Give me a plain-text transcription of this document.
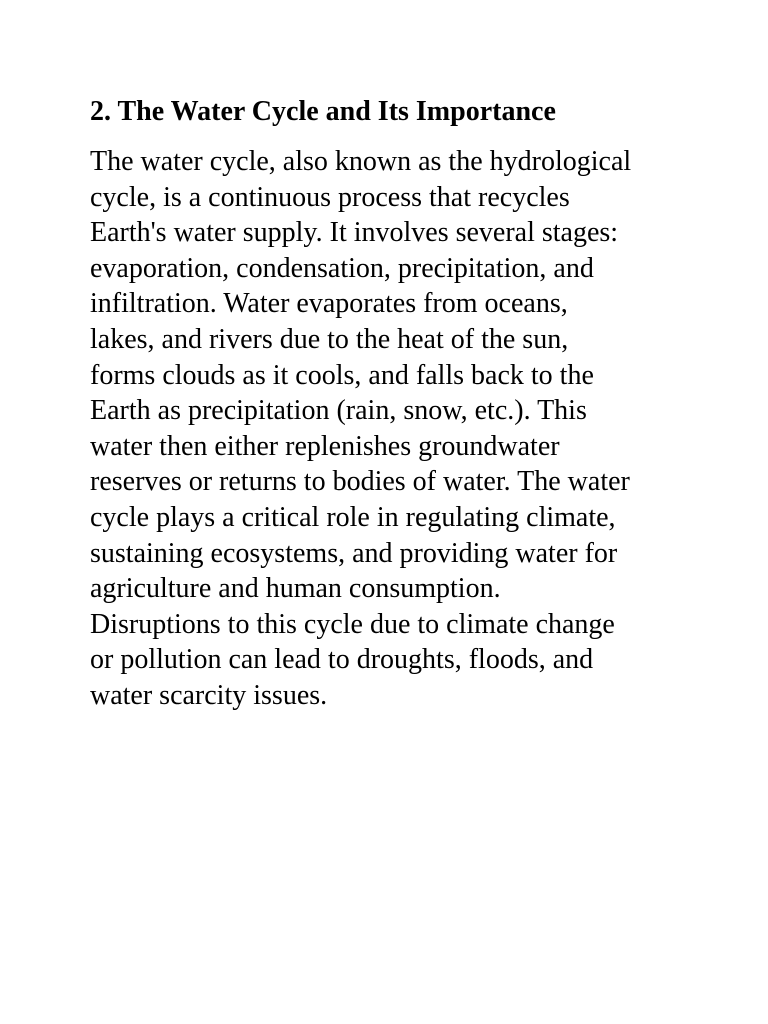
2. The Water Cycle and Its Importance

The water cycle, also known as the hydrological
cycle, is a continuous process that recycles
Earth's water supply. It involves several stages:
evaporation, condensation, precipitation, and
infiltration. Water evaporates from oceans,
lakes, and rivers due to the heat of the sun,
forms clouds as it cools, and falls back to the
Earth as precipitation (rain, snow, etc.). This
water then either replenishes groundwater
reserves or returns to bodies of water. The water
cycle plays a critical role in regulating climate,
sustaining ecosystems, and providing water for
agriculture and human consumption.
Disruptions to this cycle due to climate change
or pollution can lead to droughts, floods, and
water scarcity issues.
